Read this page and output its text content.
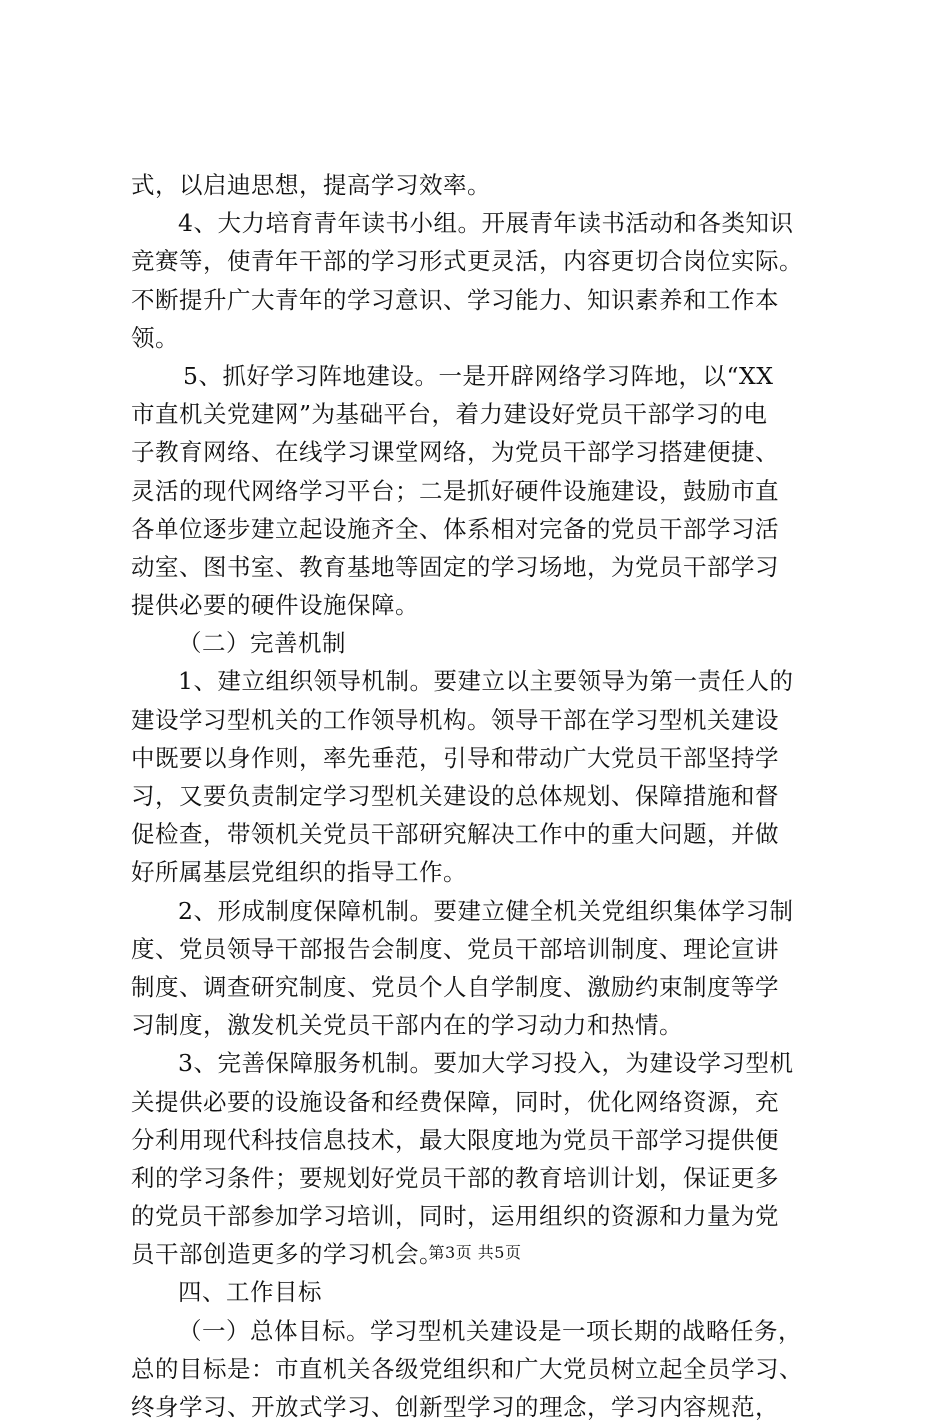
式，以启迪思想，提高学习效率。
4、大力培育青年读书小组。开展青年读书活动和各类知识
竞赛等，使青年干部的学习形式更灵活，内容更切合岗位实际。
不断提升广大青年的学习意识、学习能力、知识素养和工作本
领。
5、抓好学习阵地建设。一是开辟网络学习阵地，以“XX
市直机关党建网”为基础平台，着力建设好党员干部学习的电
子教育网络、在线学习课堂网络，为党员干部学习搭建便捷、
灵活的现代网络学习平台；二是抓好硬件设施建设，鼓励市直
各单位逐步建立起设施齐全、体系相对完备的党员干部学习活
动室、图书室、教育基地等固定的学习场地，为党员干部学习
提供必要的硬件设施保障。
（二）完善机制
1、建立组织领导机制。要建立以主要领导为第一责任人的
建设学习型机关的工作领导机构。领导干部在学习型机关建设
中既要以身作则，率先垂范，引导和带动广大党员干部坚持学
习，又要负责制定学习型机关建设的总体规划、保障措施和督
促检查，带领机关党员干部研究解决工作中的重大问题，并做
好所属基层党组织的指导工作。
2、形成制度保障机制。要建立健全机关党组织集体学习制
度、党员领导干部报告会制度、党员干部培训制度、理论宣讲
制度、调查研究制度、党员个人自学制度、激励约束制度等学
习制度，激发机关党员干部内在的学习动力和热情。
3、完善保障服务机制。要加大学习投入，为建设学习型机
关提供必要的设施设备和经费保障，同时，优化网络资源，充
分利用现代科技信息技术，最大限度地为党员干部学习提供便
利的学习条件；要规划好党员干部的教育培训计划，保证更多
的党员干部参加学习培训，同时，运用组织的资源和力量为党
员干部创造更多的学习机会。
四、工作目标
（一）总体目标。学习型机关建设是一项长期的战略任务，
总的目标是：市直机关各级党组织和广大党员树立起全员学习、
终身学习、开放式学习、创新型学习的理念，学习内容规范，
第3页 共5页
